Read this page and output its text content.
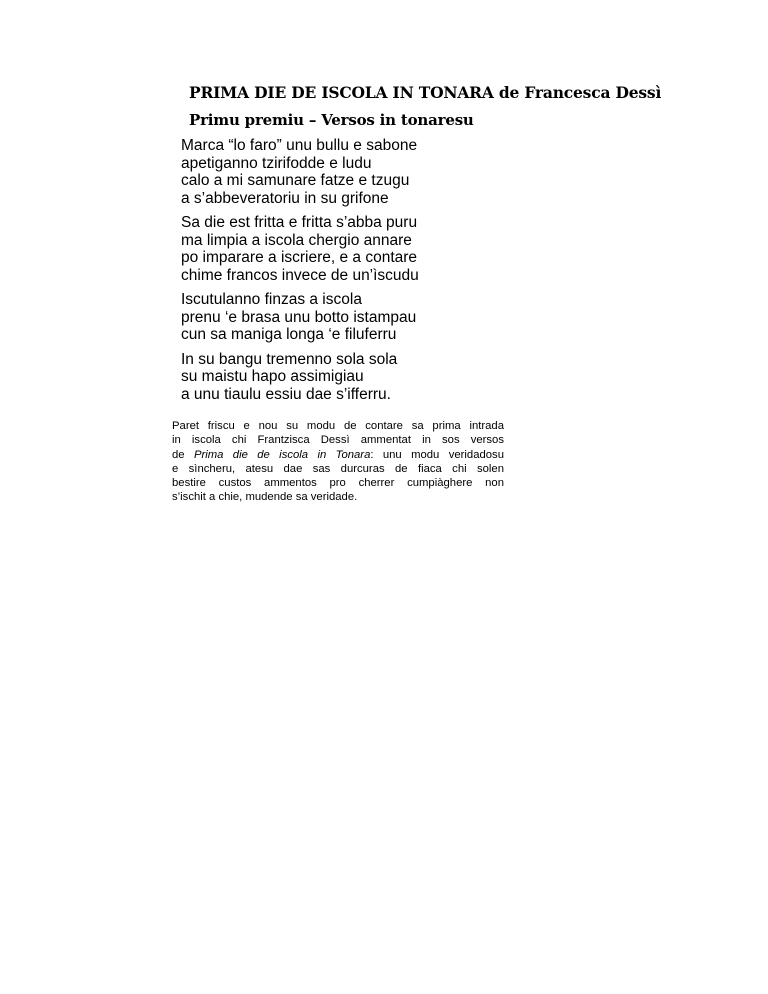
PRIMA DIE DE ISCOLA IN TONARA de Francesca Dessì
Primu premiu – Versos in tonaresu
Marca “lo faro” unu bullu e sabone
apetiganno tzirifodde e ludu
calo a mi samunare fatze e tzugu
a s’abbeveratoriu in su grifone
Sa die est fritta e fritta s’abba puru
ma limpia a iscola chergio annare
po imparare a iscriere, e a contare
chime francos invece de un’ìscudu
Iscutulanno finzas a iscola
prenu ‘e brasa unu botto istampau
cun sa maniga longa ‘e filuferru
In su bangu tremenno sola sola
su maistu hapo assimigiau
a unu tiaulu essiu dae s’ifferru.
Paret friscu e nou su modu de contare sa prima intrada
in iscola chi Frantzisca Dessì ammentat in sos versos
de Prima die de iscola in Tonara: unu modu veridadosu
e sìncheru, atesu dae sas durcuras de fiaca chi solen
bestire custos ammentos pro cherrer cumpiàghere non
s’ischit a chie, mudende sa veridade.
